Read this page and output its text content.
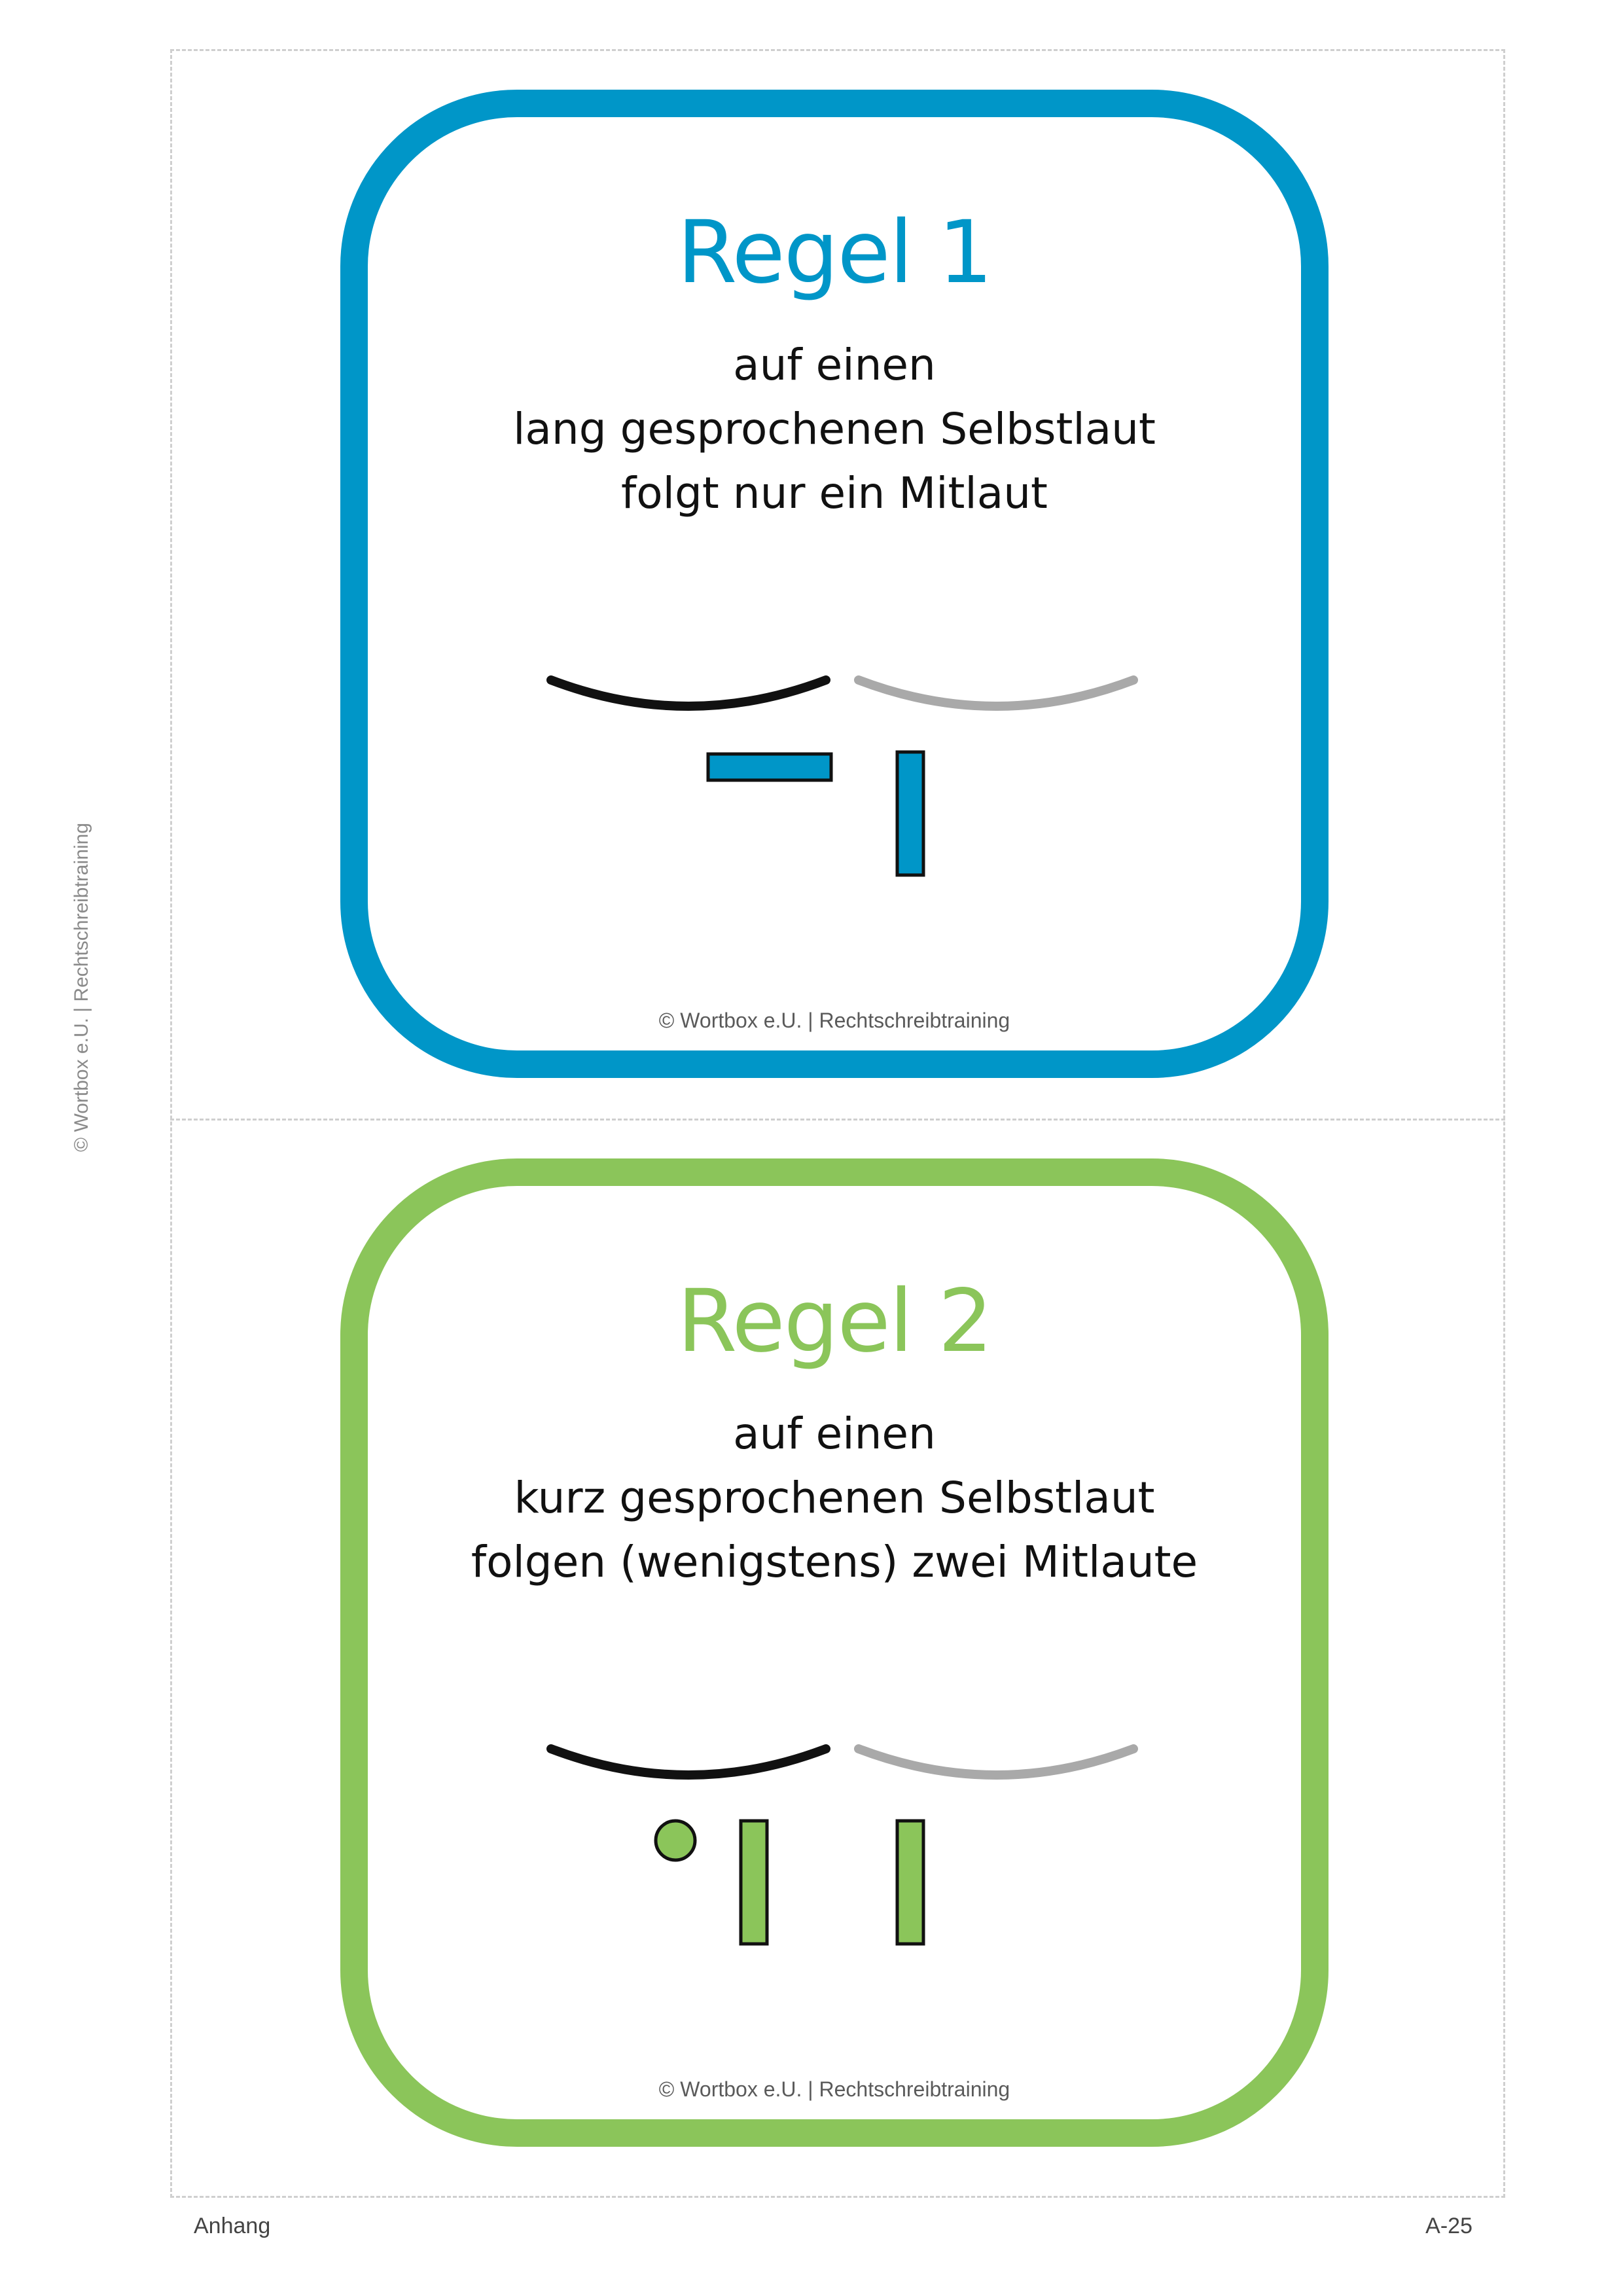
© Wortbox e.U. | Rechtschreibtraining
Regel 1
auf einen
lang gesprochenen Selbstlaut
folgt nur ein Mitlaut
© Wortbox e.U. | Rechtschreibtraining
Regel 2
auf einen
kurz gesprochenen Selbstlaut
folgen (wenigstens) zwei Mitlaute
© Wortbox e.U. | Rechtschreibtraining
Anhang	A-25
